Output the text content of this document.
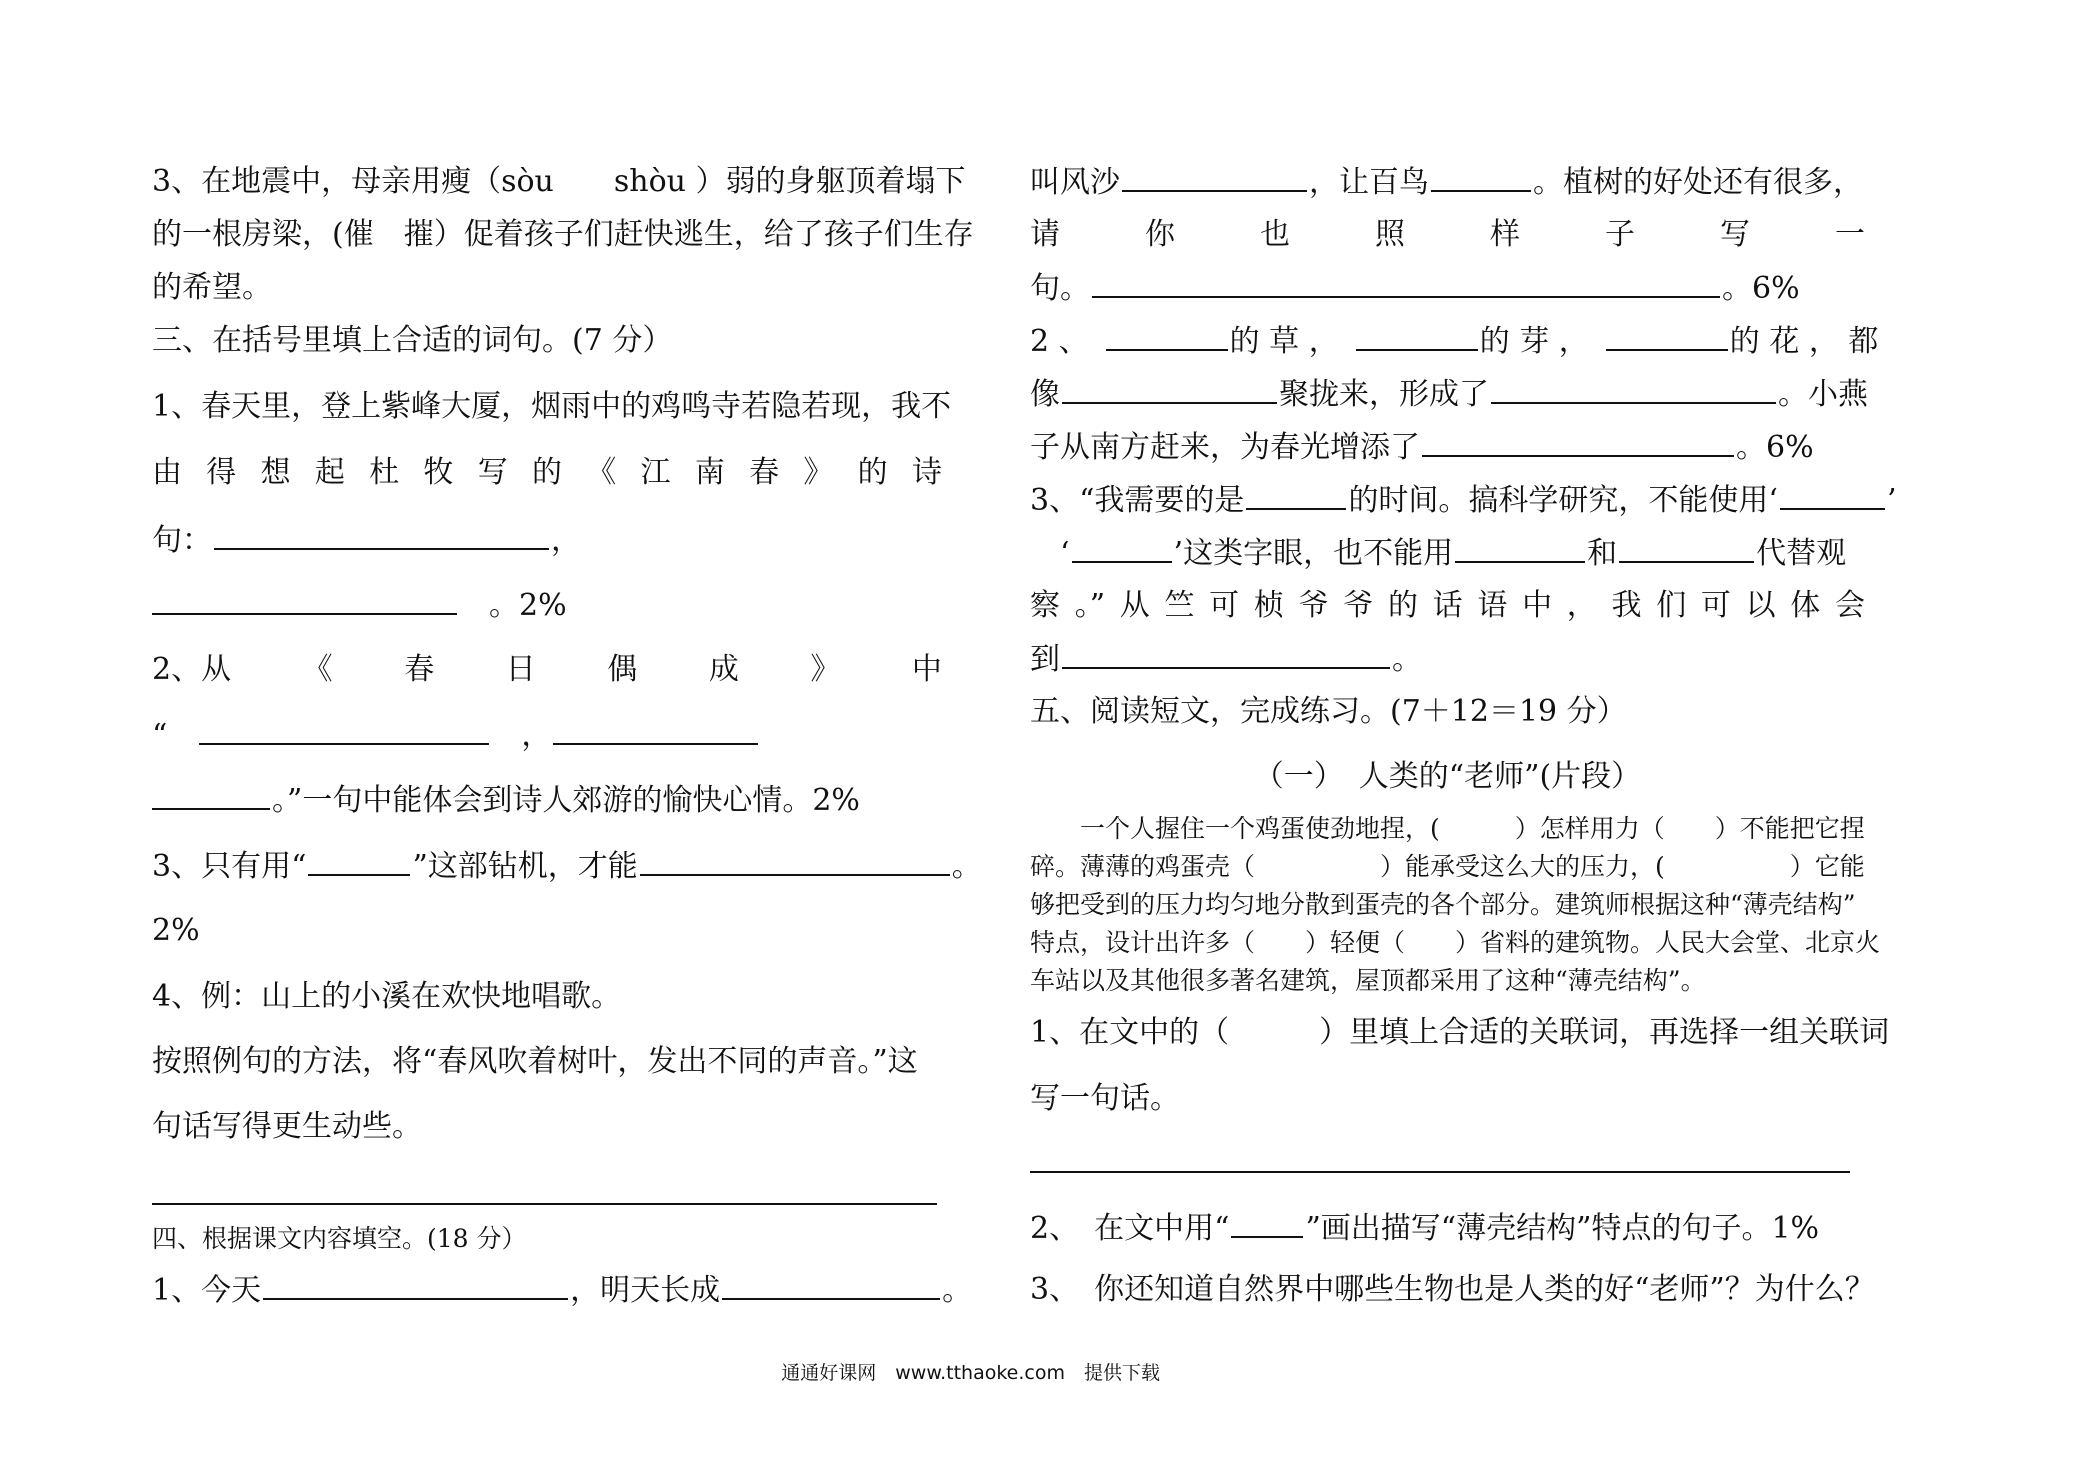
3、在地震中，母亲用瘦（sòu　　shòu ）弱的身躯顶着塌下
的一根房梁，(催　摧）促着孩子们赶快逃生，给了孩子们生存
的希望。
三、在括号里填上合适的词句。(7 分）
1、春天里，登上紫峰大厦，烟雨中的鸡鸣寺若隐若现，我不
由 得 想 起 杜 牧 写 的 《 江 南 春 》 的 诗
句：	，
　。2%
2、从 《 春 日 偶 成 》 中
“　　	，
。”一句中能体会到诗人郊游的愉快心情。2%
3、只有用“	”这部钻机，才能	。
2%
4、例：山上的小溪在欢快地唱歌。
按照例句的方法，将“春风吹着树叶，发出不同的声音。”这
句话写得更生动些。
四、根据课文内容填空。(18 分）
1、今天	，明天长成	。
叫风沙	，让百鸟	。植树的好处还有很多，
请	你	也	照	样	子	写	一
句。	。6%
2 、　	的 草 ，　	的 芽 ，　	的 花 ， 都
像	聚拢来，形成了	。小燕
子从南方赶来，为春光增添了	。6%
3、“我需要的是	的时间。搞科学研究，不能使用‘	’
　‘	’这类字眼，也不能用	和	代替观
察 。” 从 竺 可 桢 爷 爷 的 话 语 中 ， 我 们 可 以 体 会
到	。
五、阅读短文，完成练习。(7＋12＝19 分）
（一）　人类的“老师”(片段）
　　一个人握住一个鸡蛋使劲地捏，(　　　）怎样用力（　　）不能把它捏
碎。薄薄的鸡蛋壳（　　　　　）能承受这么大的压力，(　　　　　）它能
够把受到的压力均匀地分散到蛋壳的各个部分。建筑师根据这种“薄壳结构”
特点，设计出许多（　　）轻便（　　）省料的建筑物。人民大会堂、北京火
车站以及其他很多著名建筑，屋顶都采用了这种“薄壳结构”。
1、在文中的（　　　）里填上合适的关联词，再选择一组关联词
写一句话。
2、　在文中用“	”画出描写“薄壳结构”特点的句子。1%
3、　你还知道自然界中哪些生物也是人类的好“老师”？为什么？
通通好课网　www.tthaoke.com　提供下载
